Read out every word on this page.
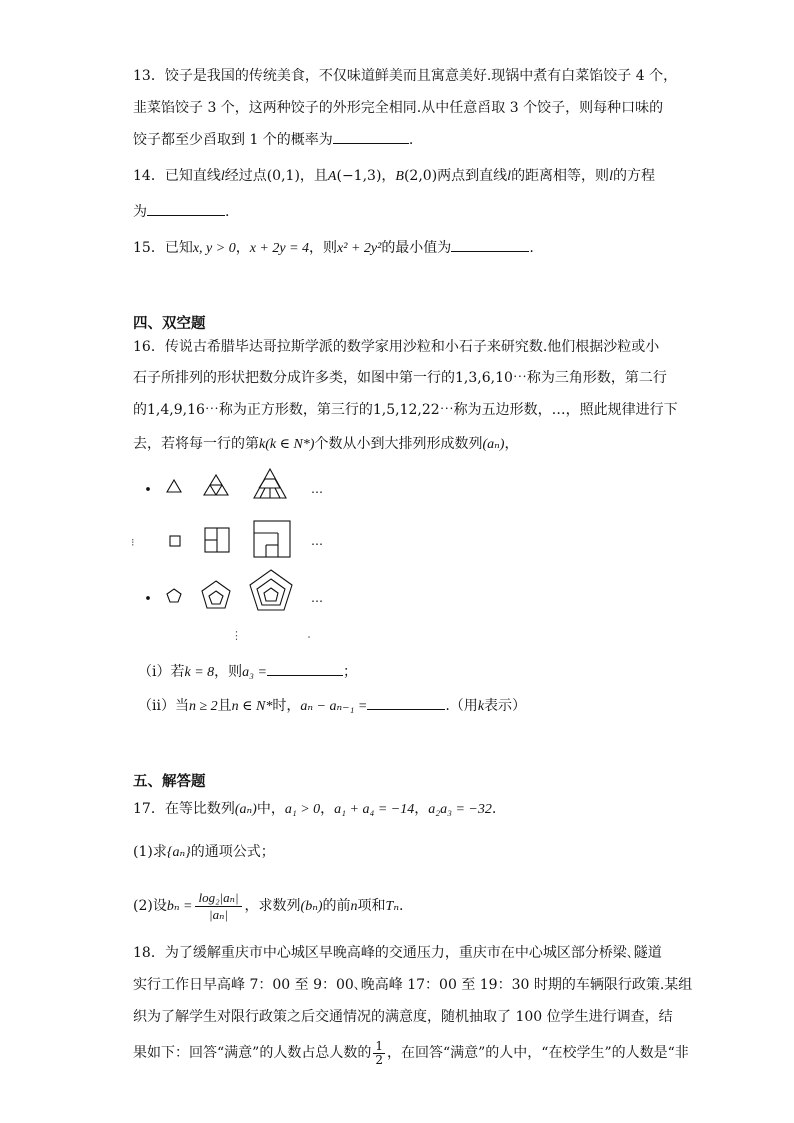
13．饺子是我国的传统美食，不仅味道鲜美而且寓意美好.现锅中煮有白菜馅饺子 4 个，
韭菜馅饺子 3 个，这两种饺子的外形完全相同.从中任意舀取 3 个饺子，则每种口味的
饺子都至少舀取到 1 个的概率为	.
14．已知直线l经过点(0,1)，且A(−1,3)，B(2,0)两点到直线l的距离相等，则l的方程
为	.
15．已知x, y > 0，x + 2y = 4，则x² + 2y²的最小值为	.
四、双空题
16．传说古希腊毕达哥拉斯学派的数学家用沙粒和小石子来研究数.他们根据沙粒或小
石子所排列的形状把数分成许多类，如图中第一行的1,3,6,10⋯称为三角形数，第二行
的1,4,9,16⋯称为正方形数，第三行的1,5,12,22⋯称为五边形数，…，照此规律进行下
去，若将每一行的第k(k ∈ N*)个数从小到大排列形成数列(aₙ)，
…
⁝	…
…
⋮
（i）若k = 8，则a₃ =	；
（ii）当n ≥ 2且n ∈ N*时，aₙ − aₙ₋₁ =	.（用k表示）
五、解答题
17．在等比数列(aₙ)中，a₁ > 0，a₁ + a₄ = −14，a₂a₃ = −32.
(1)求{aₙ}的通项公式；
(2)设$b_n = \frac{\text{log₂|aₙ|}}{\text{|aₙ|}}$ ，求数列(bₙ)的前n项和Tₙ.
18．为了缓解重庆市中心城区早晚高峰的交通压力，重庆市在中心城区部分桥梁､隧道
实行工作日早高峰 7：00 至 9：00､晚高峰 17：00 至 19：30 时期的车辆限行政策.某组
织为了解学生对限行政策之后交通情况的满意度，随机抽取了 100 位学生进行调查，结
果如下：回答“满意”的人数占总人数的 $\frac{1}{2}$ ，在回答“满意”的人中，“在校学生”的人数是“非
